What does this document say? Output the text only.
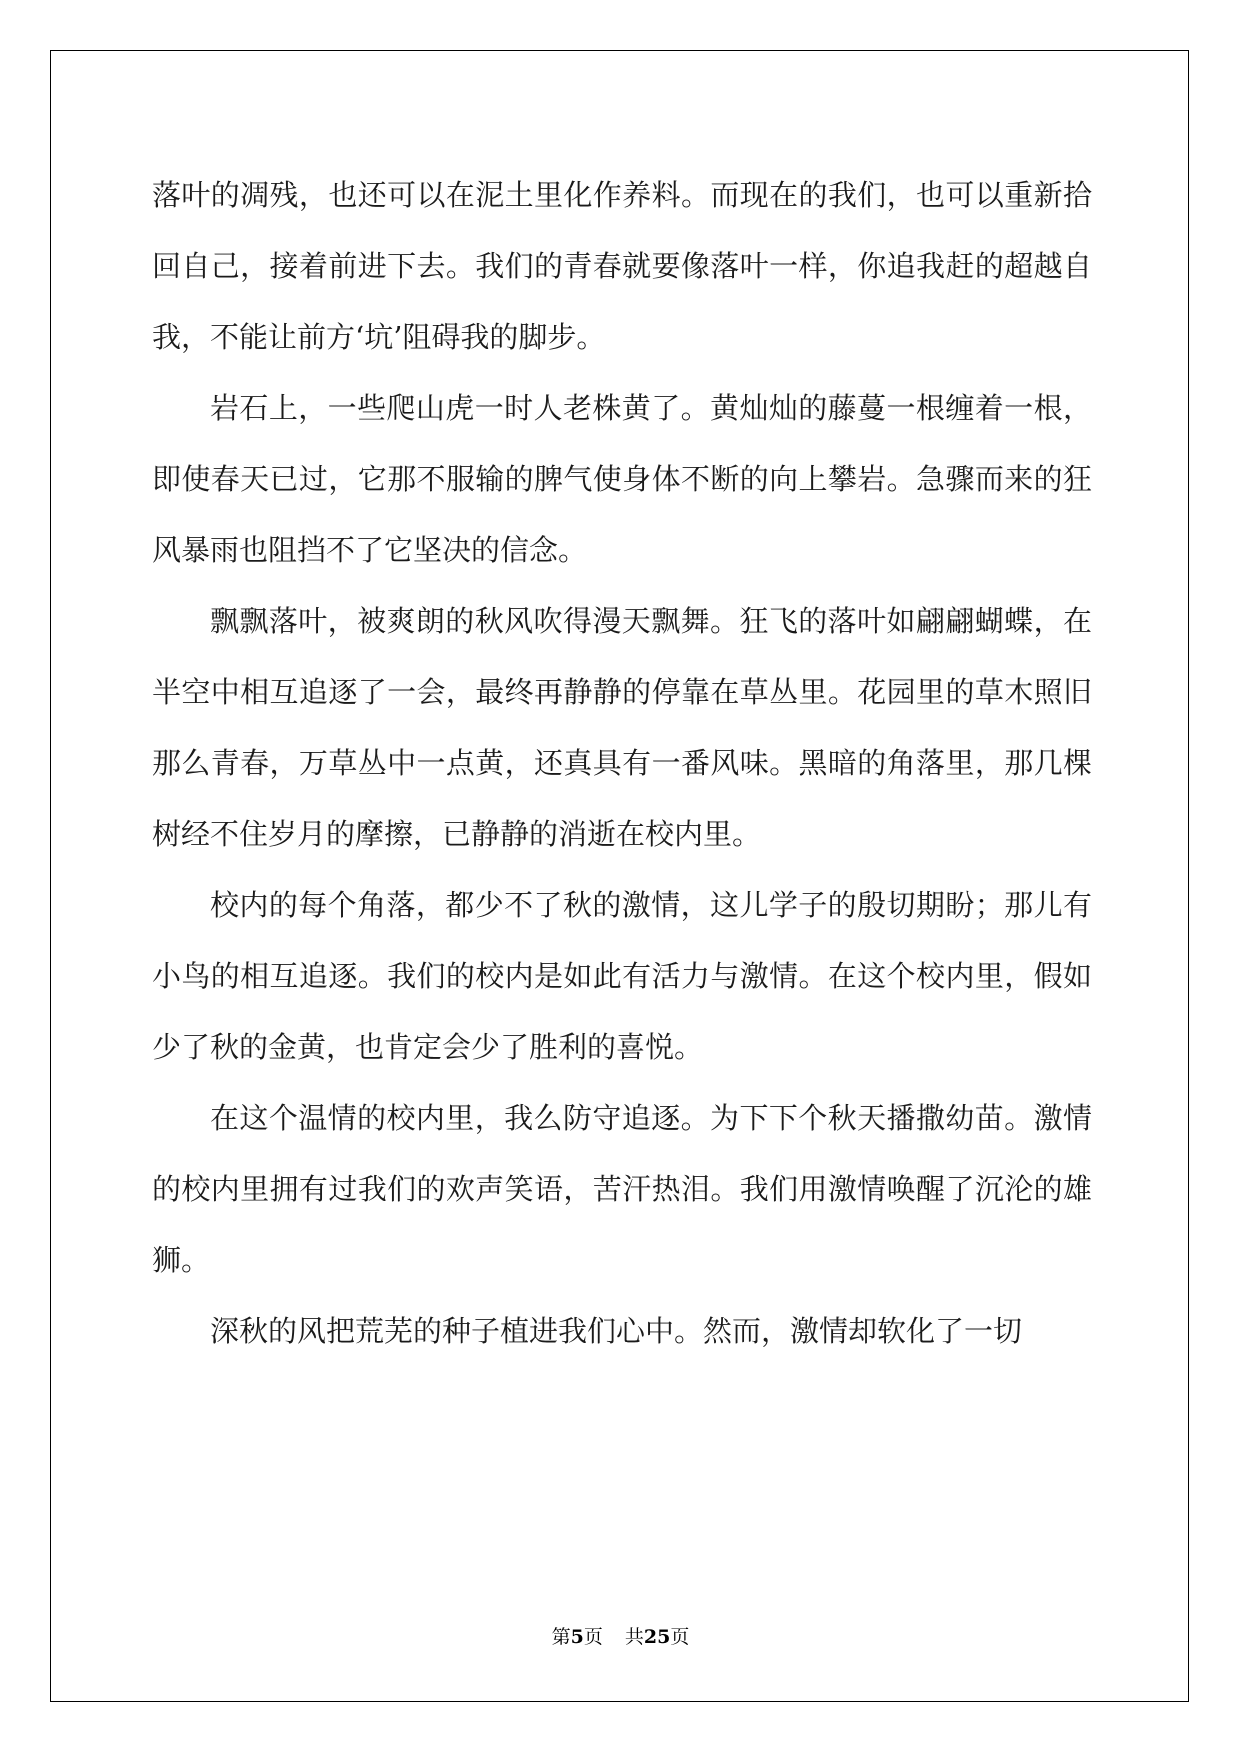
落叶的凋残，也还可以在泥土里化作养料。而现在的我们，也可以重新拾回自己，接着前进下去。我们的青春就要像落叶一样，你追我赶的超越自我，不能让前方‘坑’阻碍我的脚步。

岩石上，一些爬山虎一时人老株黄了。黄灿灿的藤蔓一根缠着一根，即使春天已过，它那不服输的脾气使身体不断的向上攀岩。急骤而来的狂风暴雨也阻挡不了它坚决的信念。

飘飘落叶，被爽朗的秋风吹得漫天飘舞。狂飞的落叶如翩翩蝴蝶，在半空中相互追逐了一会，最终再静静的停靠在草丛里。花园里的草木照旧那么青春，万草丛中一点黄，还真具有一番风味。黑暗的角落里，那几棵树经不住岁月的摩擦，已静静的消逝在校内里。

校内的每个角落，都少不了秋的激情，这儿学子的殷切期盼；那儿有小鸟的相互追逐。我们的校内是如此有活力与激情。在这个校内里，假如少了秋的金黄，也肯定会少了胜利的喜悦。

在这个温情的校内里，我么防守追逐。为下下个秋天播撒幼苗。激情的校内里拥有过我们的欢声笑语，苦汗热泪。我们用激情唤醒了沉沦的雄狮。

深秋的风把荒芜的种子植进我们心中。然而，激情却软化了一切

第5页 共25页
